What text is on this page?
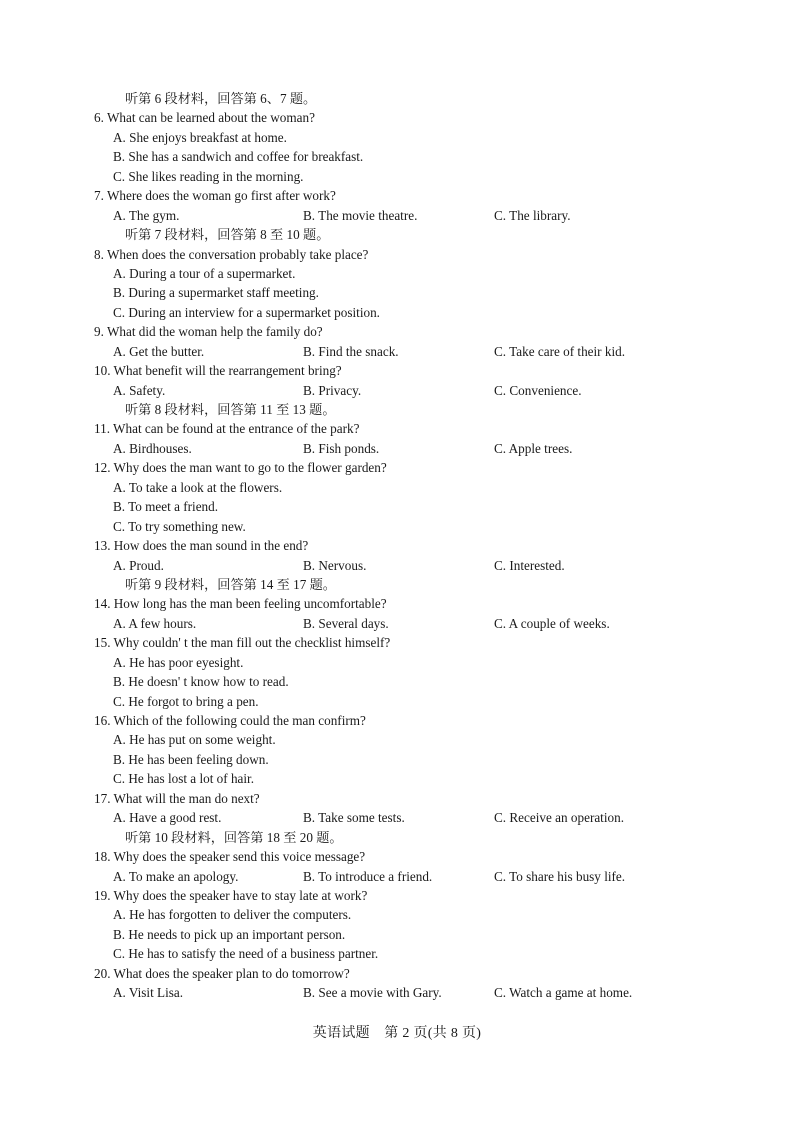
听第 6 段材料，回答第 6、7 题。
6. What can be learned about the woman?
A. She enjoys breakfast at home.
B. She has a sandwich and coffee for breakfast.
C. She likes reading in the morning.
7. Where does the woman go first after work?
A. The gym.	B. The movie theatre.	C. The library.
听第 7 段材料，回答第 8 至 10 题。
8. When does the conversation probably take place?
A. During a tour of a supermarket.
B. During a supermarket staff meeting.
C. During an interview for a supermarket position.
9. What did the woman help the family do?
A. Get the butter.	B. Find the snack.	C. Take care of their kid.
10. What benefit will the rearrangement bring?
A. Safety.	B. Privacy.	C. Convenience.
听第 8 段材料，回答第 11 至 13 题。
11. What can be found at the entrance of the park?
A. Birdhouses.	B. Fish ponds.	C. Apple trees.
12. Why does the man want to go to the flower garden?
A. To take a look at the flowers.
B. To meet a friend.
C. To try something new.
13. How does the man sound in the end?
A. Proud.	B. Nervous.	C. Interested.
听第 9 段材料，回答第 14 至 17 题。
14. How long has the man been feeling uncomfortable?
A. A few hours.	B. Several days.	C. A couple of weeks.
15. Why couldn' t the man fill out the checklist himself?
A. He has poor eyesight.
B. He doesn' t know how to read.
C. He forgot to bring a pen.
16. Which of the following could the man confirm?
A. He has put on some weight.
B. He has been feeling down.
C. He has lost a lot of hair.
17. What will the man do next?
A. Have a good rest.	B. Take some tests.	C. Receive an operation.
听第 10 段材料，回答第 18 至 20 题。
18. Why does the speaker send this voice message?
A. To make an apology.	B. To introduce a friend.	C. To share his busy life.
19. Why does the speaker have to stay late at work?
A. He has forgotten to deliver the computers.
B. He needs to pick up an important person.
C. He has to satisfy the need of a business partner.
20. What does the speaker plan to do tomorrow?
A. Visit Lisa.	B. See a movie with Gary.	C. Watch a game at home.
英语试题　第 2 页(共 8 页)
